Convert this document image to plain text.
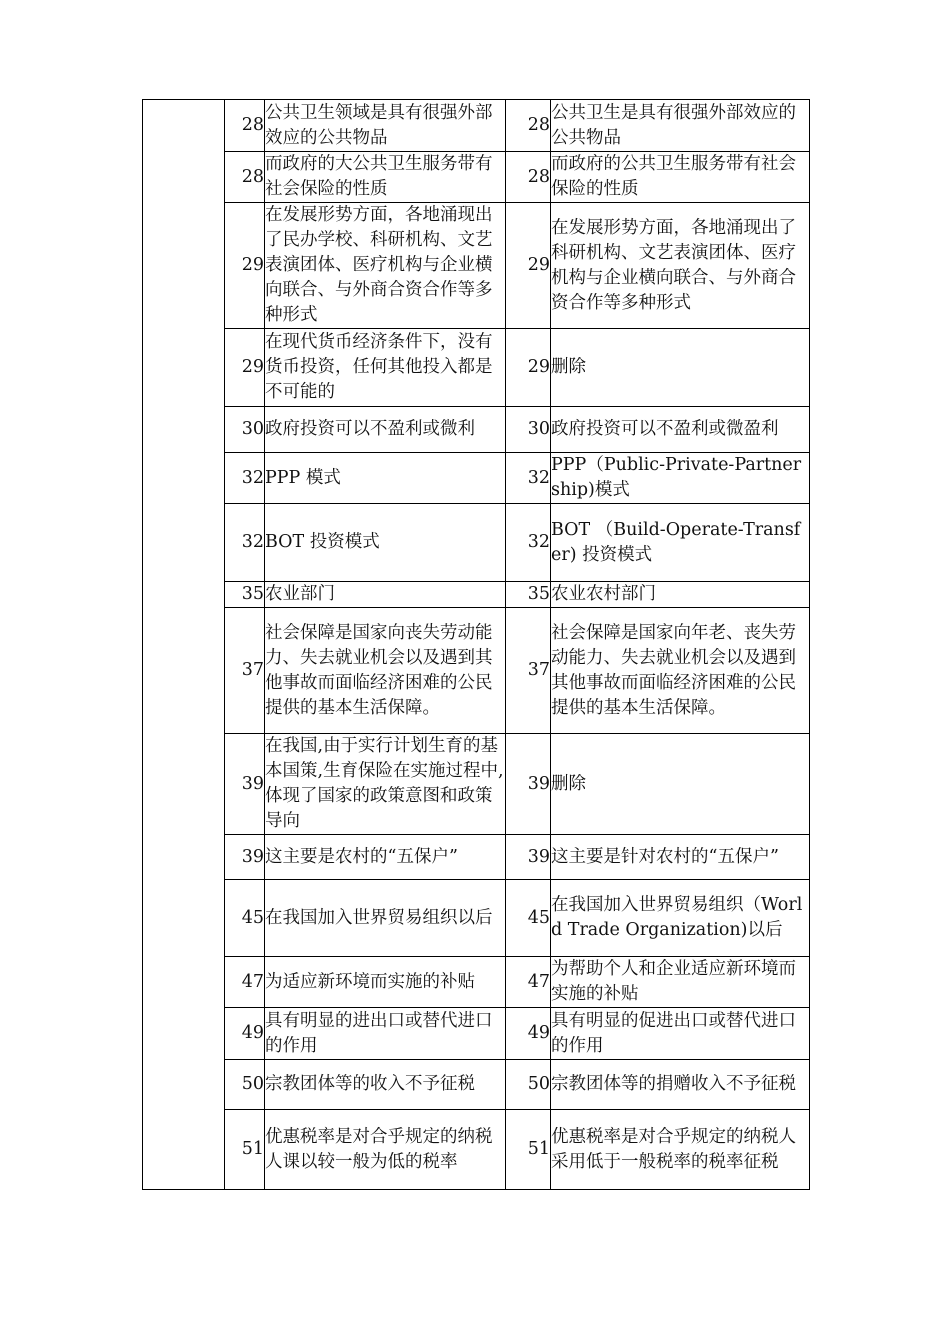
	28	公共卫生领域是具有很强外部效应的公共物品	28	公共卫生是具有很强外部效应的公共物品
	28	而政府的大公共卫生服务带有社会保险的性质	28	而政府的公共卫生服务带有社会保险的性质
	29	在发展形势方面，各地涌现出了民办学校、科研机构、文艺表演团体、医疗机构与企业横向联合、与外商合资合作等多种形式	29	在发展形势方面，各地涌现出了科研机构、文艺表演团体、医疗机构与企业横向联合、与外商合资合作等多种形式
	29	在现代货币经济条件下，没有货币投资，任何其他投入都是不可能的	29	删除
	30	政府投资可以不盈利或微利	30	政府投资可以不盈利或微盈利
	32	PPP 模式	32	PPP（Public-Private-Partnership)模式
	32	BOT 投资模式	32	BOT （Build-Operate-Transfer) 投资模式
	35	农业部门	35	农业农村部门
	37	社会保障是国家向丧失劳动能力、失去就业机会以及遇到其他事故而面临经济困难的公民提供的基本生活保障。	37	社会保障是国家向年老、丧失劳动能力、失去就业机会以及遇到其他事故而面临经济困难的公民提供的基本生活保障。
	39	在我国,由于实行计划生育的基本国策,生育保险在实施过程中,体现了国家的政策意图和政策导向	39	删除
	39	这主要是农村的“五保户”	39	这主要是针对农村的“五保户”
	45	在我国加入世界贸易组织以后	45	在我国加入世界贸易组织（World Trade Organization)以后
	47	为适应新环境而实施的补贴	47	为帮助个人和企业适应新环境而实施的补贴
	49	具有明显的进出口或替代进口的作用	49	具有明显的促进出口或替代进口的作用
	50	宗教团体等的收入不予征税	50	宗教团体等的捐赠收入不予征税
	51	优惠税率是对合乎规定的纳税人课以较一般为低的税率	51	优惠税率是对合乎规定的纳税人采用低于一般税率的税率征税
